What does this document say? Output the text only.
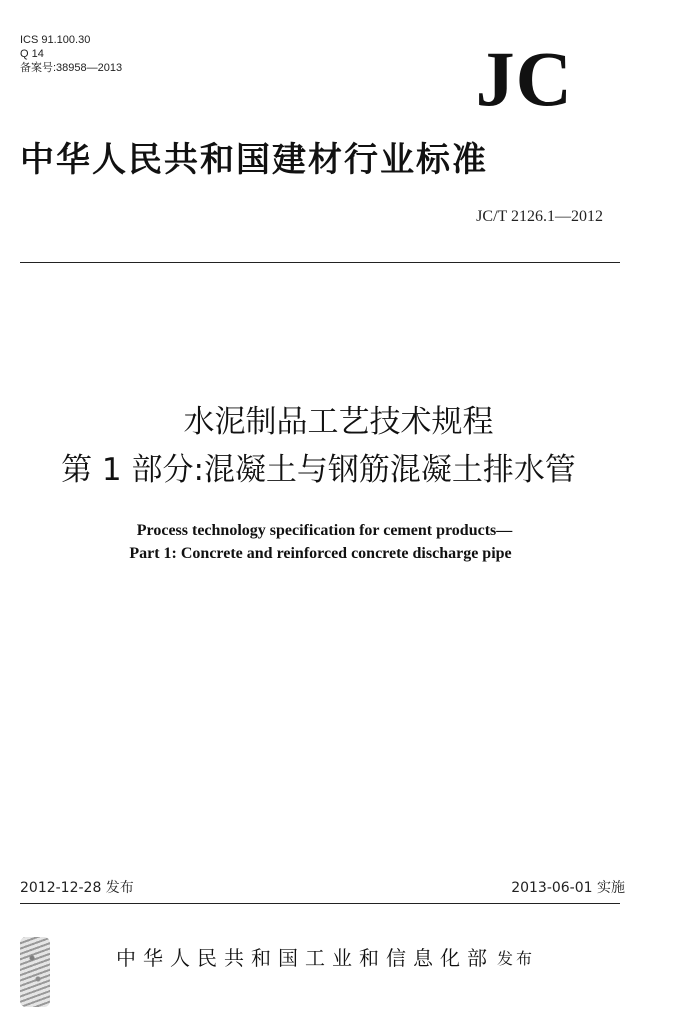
ICS 91.100.30
Q 14
备案号:38958—2013	JC
中华人民共和国建材行业标准
JC/T 2126.1—2012
水泥制品工艺技术规程
第 1 部分:混凝土与钢筋混凝土排水管
Process technology specification for cement products—
Part 1: Concrete and reinforced concrete discharge pipe
2012-12-28 发布	2013-06-01 实施
中华人民共和国工业和信息化部 发布
